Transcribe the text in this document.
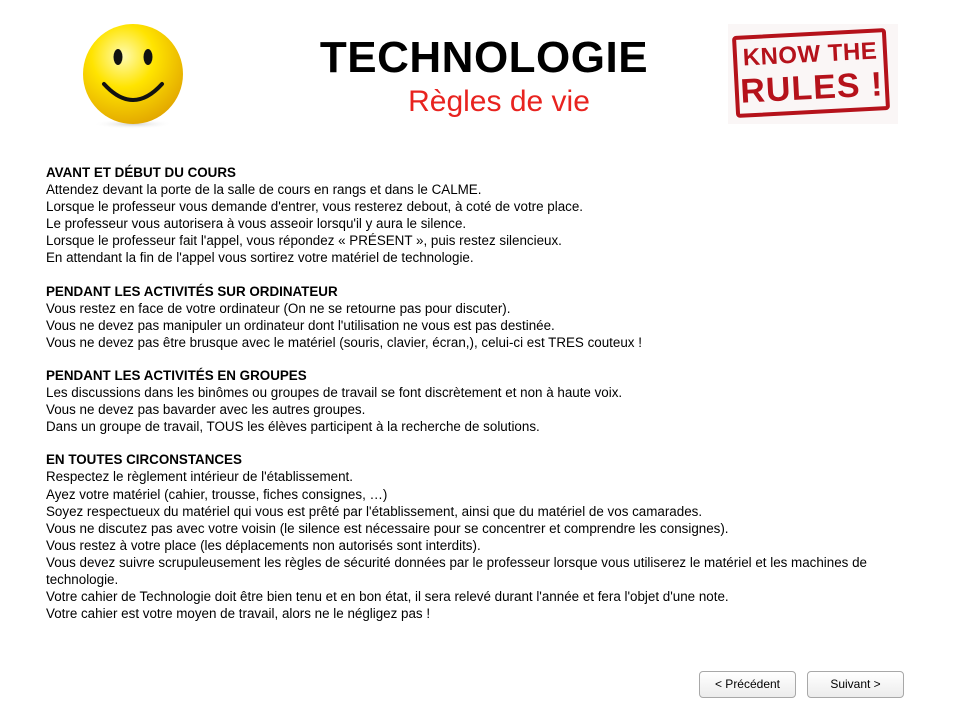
TECHNOLOGIE
Règles de vie
KNOW THE
RULES !
AVANT ET DÉBUT DU COURS

Attendez devant la porte de la salle de cours en rangs et dans le CALME.

Lorsque le professeur vous demande d'entrer, vous resterez debout, à coté de votre place.

Le professeur vous autorisera à vous asseoir lorsqu'il y aura le silence.

Lorsque le professeur fait l'appel, vous répondez « PRÉSENT », puis restez silencieux.

En attendant la fin de l'appel vous sortirez votre matériel de technologie.

PENDANT LES ACTIVITÉS SUR ORDINATEUR

Vous restez en face de votre ordinateur (On ne se retourne pas pour discuter).

Vous ne devez pas manipuler un ordinateur dont l'utilisation ne vous est pas destinée.

Vous ne devez pas être brusque avec le matériel (souris, clavier, écran,), celui-ci est TRES couteux !

PENDANT LES ACTIVITÉS EN GROUPES

Les discussions dans les binômes ou groupes de travail se font discrètement et non à haute voix.

Vous ne devez pas bavarder avec les autres groupes.

Dans un groupe de travail, TOUS les élèves participent à la recherche de solutions.

EN TOUTES CIRCONSTANCES

Respectez le règlement intérieur de l'établissement.

Ayez votre matériel (cahier, trousse, fiches consignes, …)

Soyez respectueux du matériel qui vous est prêté par l'établissement, ainsi que du matériel de vos camarades.

Vous ne discutez pas avec votre voisin (le silence est nécessaire pour se concentrer et comprendre les consignes).

Vous restez à votre place (les déplacements non autorisés sont interdits).

Vous devez suivre scrupuleusement les règles de sécurité données par le professeur lorsque vous utiliserez le matériel et les machines de technologie.

Votre cahier de Technologie doit être bien tenu et en bon état, il sera relevé durant l'année et fera l'objet d'une note.

Votre cahier est votre moyen de travail, alors ne le négligez pas !

< Précédent	Suivant >
